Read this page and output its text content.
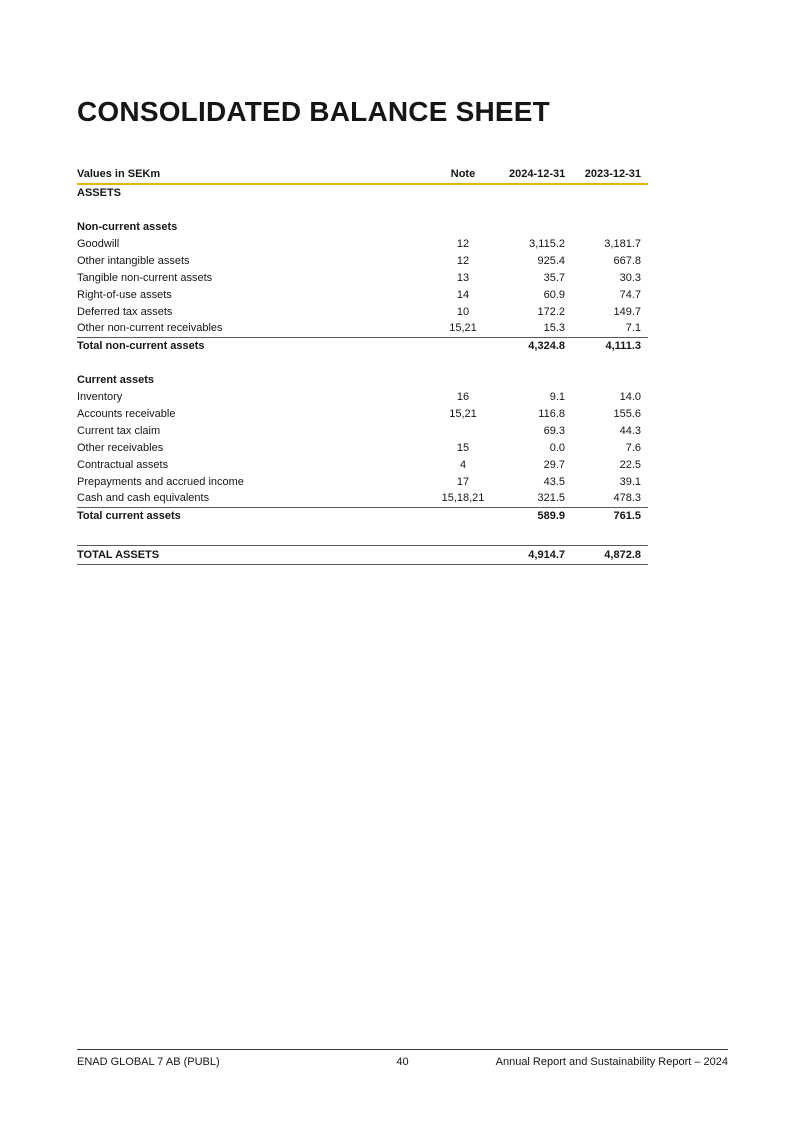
CONSOLIDATED BALANCE SHEET
Values in SEKm	Note	2024-12-31	2023-12-31
ASSETS			

Non-current assets			
Goodwill	12	3,115.2	3,181.7
Other intangible assets	12	925.4	667.8
Tangible non-current assets	13	35.7	30.3
Right-of-use assets	14	60.9	74.7
Deferred tax assets	10	172.2	149.7
Other non-current receivables	15,21	15.3	7.1
Total non-current assets		4,324.8	4,111.3

Current assets			
Inventory	16	9.1	14.0
Accounts receivable	15,21	116.8	155.6
Current tax claim		69.3	44.3
Other receivables	15	0.0	7.6
Contractual assets	4	29.7	22.5
Prepayments and accrued income	17	43.5	39.1
Cash and cash equivalents	15,18,21	321.5	478.3
Total current assets		589.9	761.5

TOTAL ASSETS		4,914.7	4,872.8
ENAD GLOBAL 7 AB (PUBL)	40	Annual Report and Sustainability Report – 2024
